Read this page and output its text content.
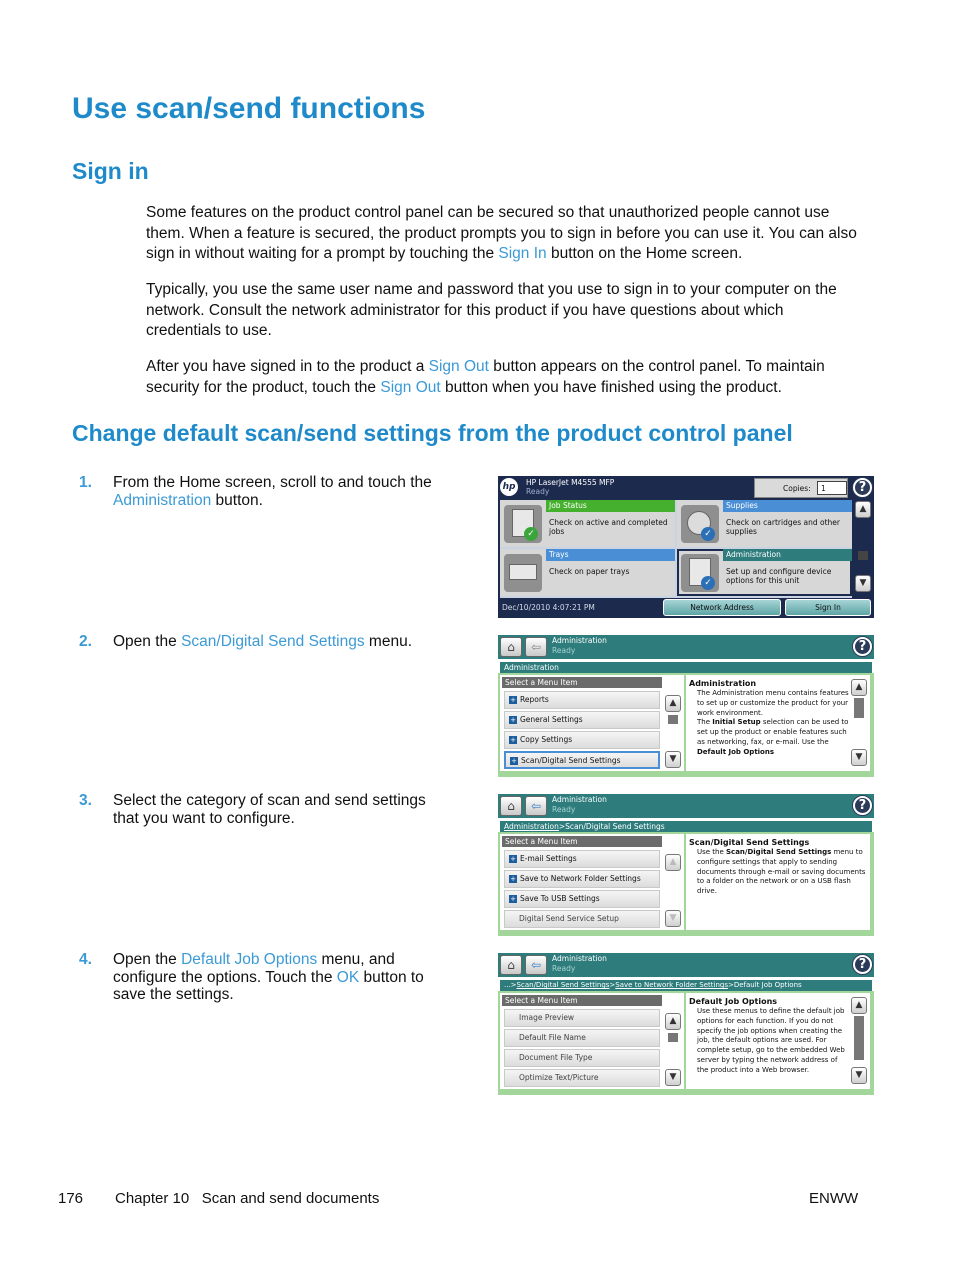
Use scan/send functions
Sign in
Some features on the product control panel can be secured so that unauthorized people cannot use them. When a feature is secured, the product prompts you to sign in before you can use it. You can also sign in without waiting for a prompt by touching the Sign In button on the Home screen.
Typically, you use the same user name and password that you use to sign in to your computer on the network. Consult the network administrator for this product if you have questions about which credentials to use.
After you have signed in to the product a Sign Out button appears on the control panel. To maintain security for the product, touch the Sign Out button when you have finished using the product.
Change default scan/send settings from the product control panel
1. From the Home screen, scroll to and touch the Administration button.
2. Open the Scan/Digital Send Settings menu.
3. Select the category of scan and send settings that you want to configure.
4. Open the Default Job Options menu, and configure the options. Touch the OK button to save the settings.
hp	HP LaserJet M4555 MFP
Ready	Copies:	1	?
✓
Job Status
Check on active and completed jobs	✓
Supplies
Check on cartridges and other supplies
Trays
Check on paper trays
✓
Administration
Set up and configure device options for this unit
▲
▼
Dec/10/2010 4:07:21 PM	Network Address	Sign In
⌂	⇦	Administration
Ready	?
Administration
Select a Menu Item
+ Reports
+ General Settings
+ Copy Settings
+ Scan/Digital Send Settings
▲
▼
Administration
The Administration menu contains features to set up or customize the product for your work environment.
The Initial Setup selection can be used to set up the product or enable features such as networking, fax, or e-mail. Use the Default Job Options
▲
▼
⌂	⇦	Administration
Ready	?
Administration>Scan/Digital Send Settings
Select a Menu Item
+ E-mail Settings
+ Save to Network Folder Settings
+ Save To USB Settings
Digital Send Service Setup
▲
▼
Scan/Digital Send Settings
Use the Scan/Digital Send Settings menu to configure settings that apply to sending documents through e-mail or saving documents to a folder on the network or on a USB flash drive.
⌂	⇦	Administration
Ready	?
...>Scan/Digital Send Settings>Save to Network Folder Settings>Default Job Options
Select a Menu Item
Image Preview
Default File Name
Document File Type
Optimize Text/Picture
▲
▼
Default Job Options
Use these menus to define the default job options for each function. If you do not specify the job options when creating the job, the default options are used. For complete setup, go to the embedded Web server by typing the network address of the product into a Web browser.
▲
▼
176 Chapter 10   Scan and send documents	ENWW
